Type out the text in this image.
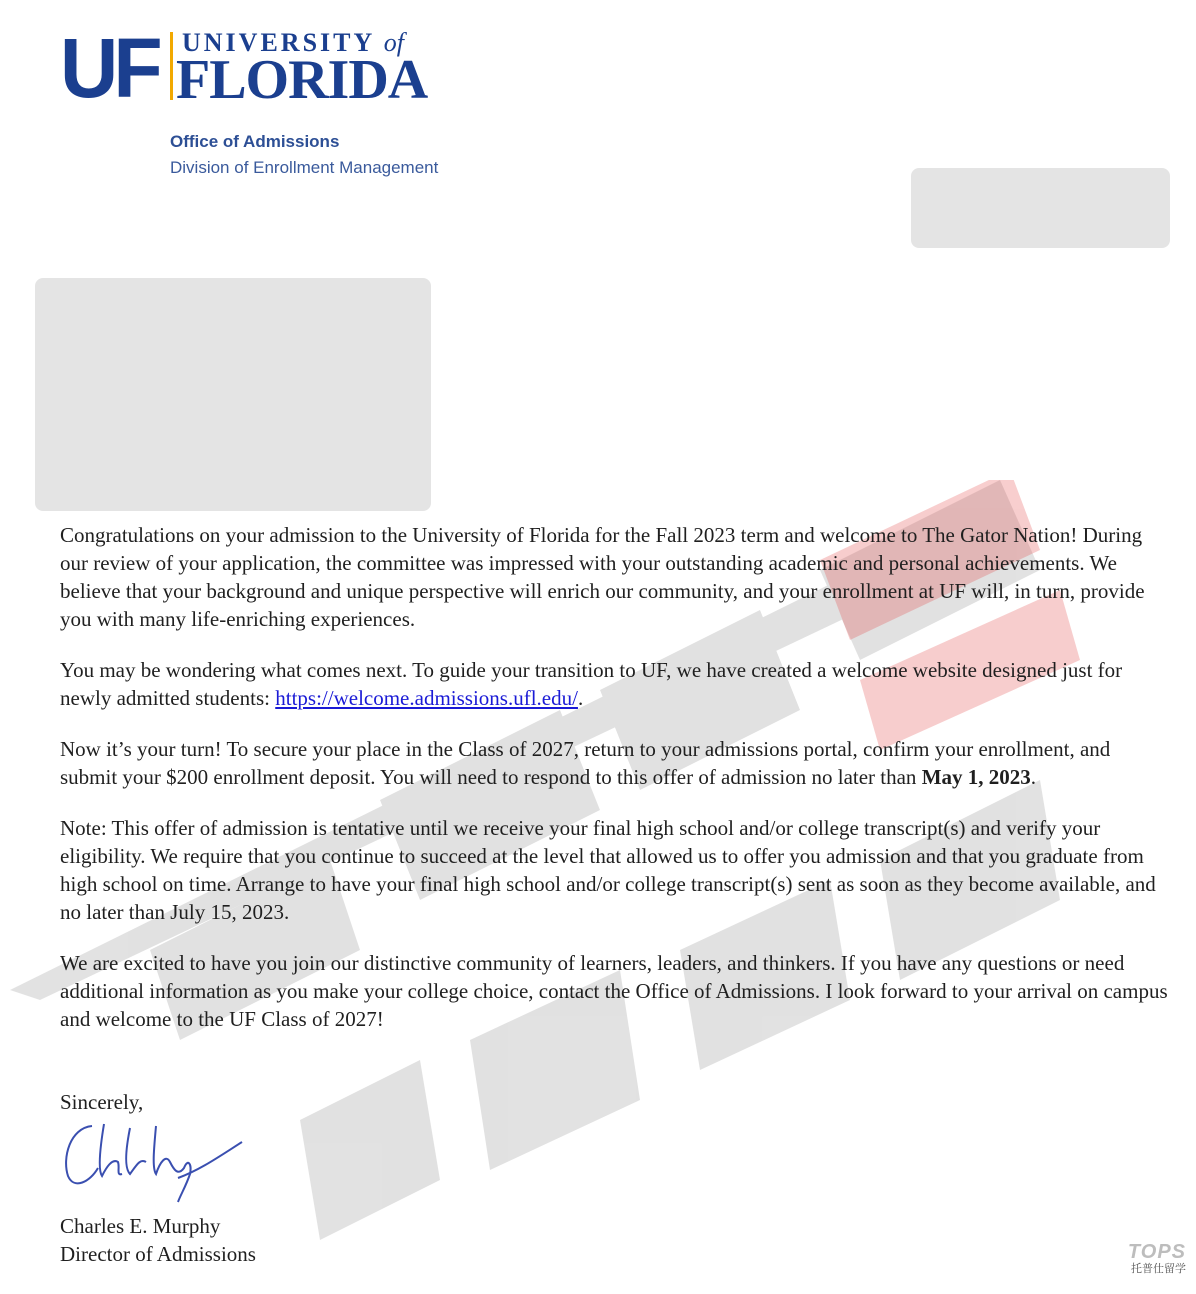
UF UNIVERSITY of
FLORIDA
Office of Admissions
Division of Enrollment Management

Congratulations on your admission to the University of Florida for the Fall 2023 term and welcome to The Gator Nation! During our review of your application, the committee was impressed with your outstanding academic and personal achievements. We believe that your background and unique perspective will enrich our community, and your enrollment at UF will, in turn, provide you with many life-enriching experiences.

You may be wondering what comes next. To guide your transition to UF, we have created a welcome website designed just for newly admitted students: https://welcome.admissions.ufl.edu/.

Now it’s your turn! To secure your place in the Class of 2027, return to your admissions portal, confirm your enrollment, and submit your $200 enrollment deposit. You will need to respond to this offer of admission no later than May 1, 2023.

Note: This offer of admission is tentative until we receive your final high school and/or college transcript(s) and verify your eligibility. We require that you continue to succeed at the level that allowed us to offer you admission and that you graduate from high school on time. Arrange to have your final high school and/or college transcript(s) sent as soon as they become available, and no later than July 15, 2023.

We are excited to have you join our distinctive community of learners, leaders, and thinkers. If you have any questions or need additional information as you make your college choice, contact the Office of Admissions. I look forward to your arrival on campus and welcome to the UF Class of 2027!

Sincerely,
Charles E. Murphy
Director of Admissions	TOPS
托普仕留学
